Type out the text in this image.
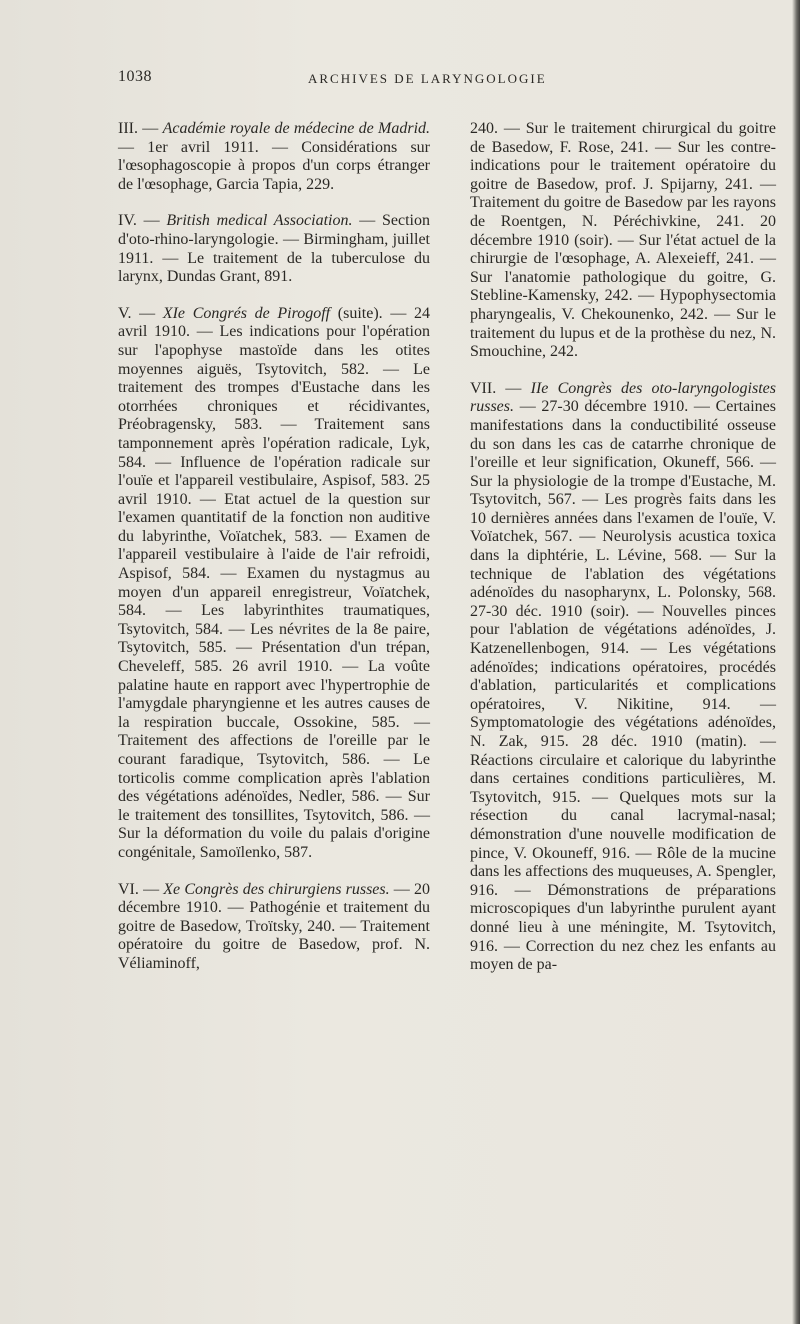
1038	ARCHIVES DE LARYNGOLOGIE

III. — Académie royale de médecine de Madrid. — 1er avril 1911. — Considérations sur l'œsophagoscopie à propos d'un corps étranger de l'œsophage, Garcia Tapia, 229.

IV. — British medical Association. — Section d'oto-rhino-laryngologie. — Birmingham, juillet 1911. — Le traitement de la tuberculose du larynx, Dundas Grant, 891.

V. — XIe Congrés de Pirogoff (suite). — 24 avril 1910. — Les indications pour l'opération sur l'apophyse mastoïde dans les otites moyennes aiguës, Tsytovitch, 582. — Le traitement des trompes d'Eustache dans les otorrhées chroniques et récidivantes, Préobragensky, 583. — Traitement sans tamponnement après l'opération radicale, Lyk, 584. — Influence de l'opération radicale sur l'ouïe et l'appareil vestibulaire, Aspisof, 583. 25 avril 1910. — Etat actuel de la question sur l'examen quantitatif de la fonction non auditive du labyrinthe, Voïatchek, 583. — Examen de l'appareil vestibulaire à l'aide de l'air refroidi, Aspisof, 584. — Examen du nystagmus au moyen d'un appareil enregistreur, Voïatchek, 584. — Les labyrinthites traumatiques, Tsytovitch, 584. — Les névrites de la 8e paire, Tsytovitch, 585. — Présentation d'un trépan, Cheveleff, 585. 26 avril 1910. — La voûte palatine haute en rapport avec l'hypertrophie de l'amygdale pharyngienne et les autres causes de la respiration buccale, Ossokine, 585. — Traitement des affections de l'oreille par le courant faradique, Tsytovitch, 586. — Le torticolis comme complication après l'ablation des végétations adénoïdes, Nedler, 586. — Sur le traitement des tonsillites, Tsytovitch, 586. — Sur la déformation du voile du palais d'origine congénitale, Samoïlenko, 587.

VI. — Xe Congrès des chirurgiens russes. — 20 décembre 1910. — Pathogénie et traitement du goitre de Basedow, Troïtsky, 240. — Traitement opératoire du goitre de Basedow, prof. N. Véliaminoff,

240. — Sur le traitement chirurgical du goitre de Basedow, F. Rose, 241. — Sur les contre-indications pour le traitement opératoire du goitre de Basedow, prof. J. Spijarny, 241. — Traitement du goitre de Basedow par les rayons de Roentgen, N. Péréchivkine, 241. 20 décembre 1910 (soir). — Sur l'état actuel de la chirurgie de l'œsophage, A. Alexeieff, 241. — Sur l'anatomie pathologique du goitre, G. Stebline-Kamensky, 242. — Hypophysectomia pharyngealis, V. Chekounenko, 242. — Sur le traitement du lupus et de la prothèse du nez, N. Smouchine, 242.

VII. — IIe Congrès des oto-laryngologistes russes. — 27-30 décembre 1910. — Certaines manifestations dans la conductibilité osseuse du son dans les cas de catarrhe chronique de l'oreille et leur signification, Okuneff, 566. — Sur la physiologie de la trompe d'Eustache, M. Tsytovitch, 567. — Les progrès faits dans les 10 dernières années dans l'examen de l'ouïe, V. Voïatchek, 567. — Neurolysis acustica toxica dans la diphtérie, L. Lévine, 568. — Sur la technique de l'ablation des végétations adénoïdes du nasopharynx, L. Polonsky, 568. 27-30 déc. 1910 (soir). — Nouvelles pinces pour l'ablation de végétations adénoïdes, J. Katzenellenbogen, 914. — Les végétations adénoïdes; indications opératoires, procédés d'ablation, particularités et complications opératoires, V. Nikitine, 914. — Symptomatologie des végétations adénoïdes, N. Zak, 915. 28 déc. 1910 (matin). — Réactions circulaire et calorique du labyrinthe dans certaines conditions particulières, M. Tsytovitch, 915. — Quelques mots sur la résection du canal lacrymal-nasal; démonstration d'une nouvelle modification de pince, V. Okouneff, 916. — Rôle de la mucine dans les affections des muqueuses, A. Spengler, 916. — Démonstrations de préparations microscopiques d'un labyrinthe purulent ayant donné lieu à une méningite, M. Tsytovitch, 916. — Correction du nez chez les enfants au moyen de pa-
